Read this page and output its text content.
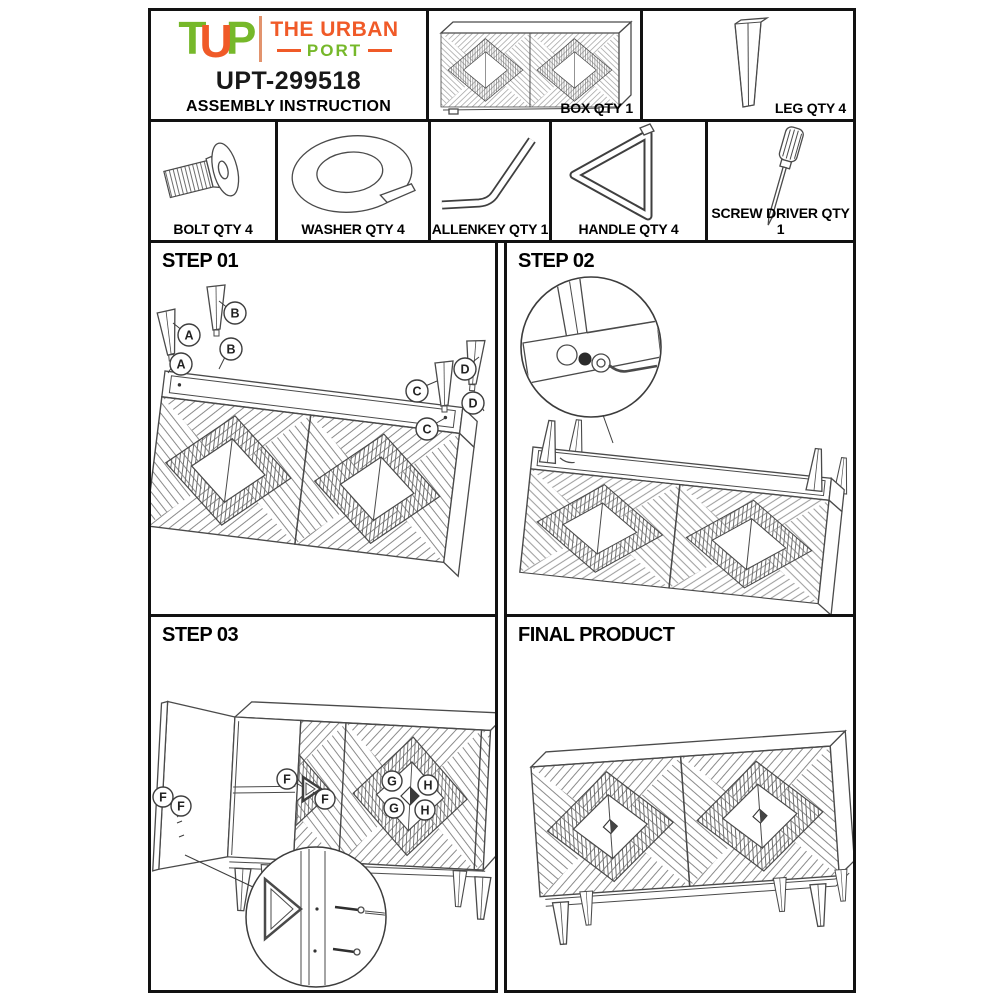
TUP THE URBAN
PORT
UPT-299518
ASSEMBLY INSTRUCTION	BOX QTY 1	LEG QTY 4
BOLT QTY 4	WASHER QTY 4	ALLENKEY QTY 1	HANDLE QTY 4
SCREW DRIVER QTY 1
STEP 01
A
A
B
B
C
C
D
D
STEP 02
STEP 03
F
F
F
F
G H
G H
FINAL PRODUCT
